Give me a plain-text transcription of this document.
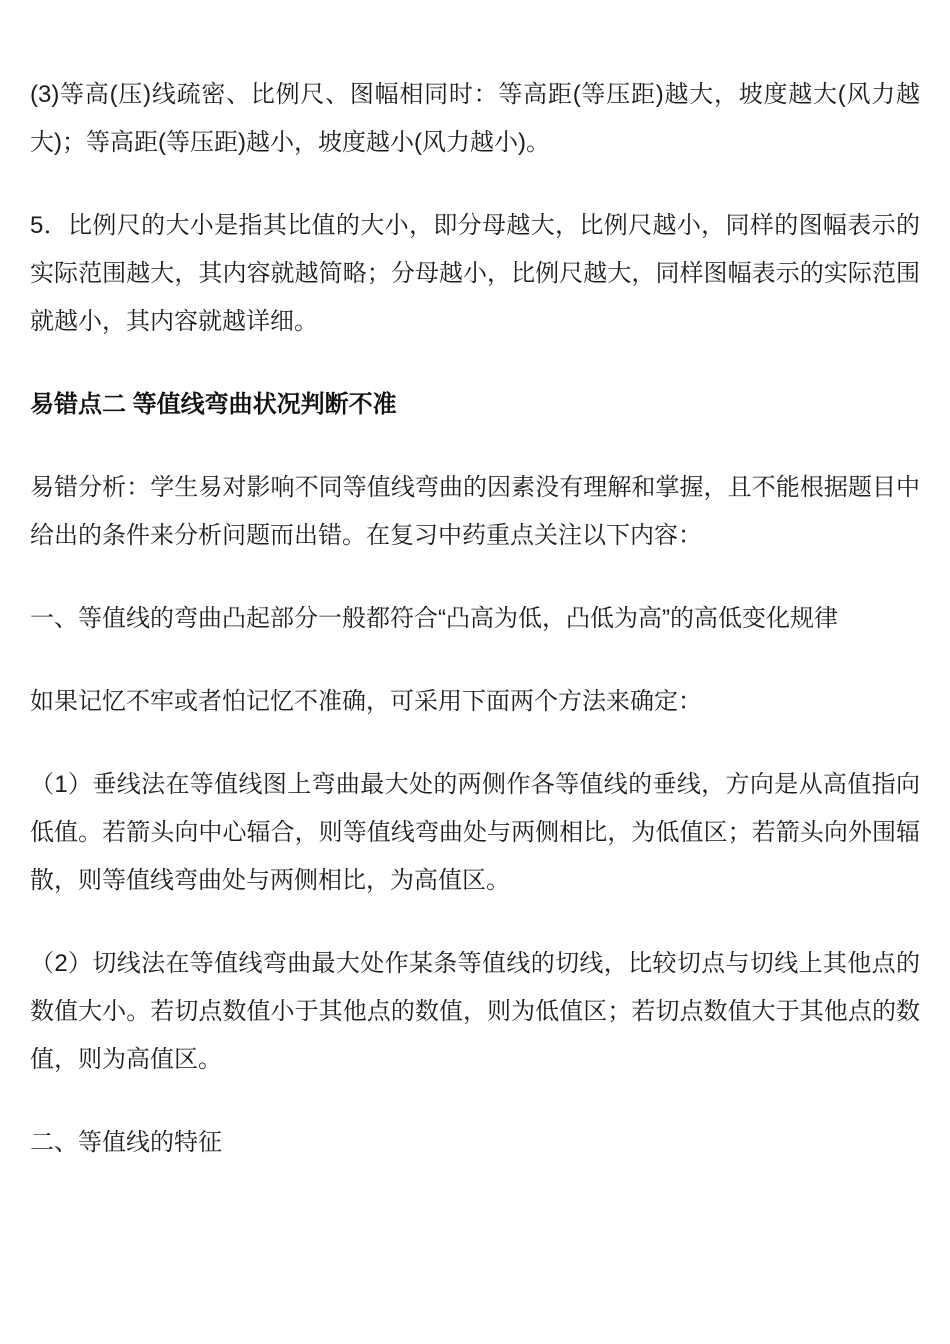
(3)等高(压)线疏密、比例尺、图幅相同时：等高距(等压距)越大，坡度越大(风力越大)；等高距(等压距)越小，坡度越小(风力越小)。

5．比例尺的大小是指其比值的大小，即分母越大，比例尺越小，同样的图幅表示的实际范围越大，其内容就越简略；分母越小，比例尺越大，同样图幅表示的实际范围就越小，其内容就越详细。

易错点二 等值线弯曲状况判断不准

易错分析：学生易对影响不同等值线弯曲的因素没有理解和掌握，且不能根据题目中给出的条件来分析问题而出错。在复习中药重点关注以下内容：

一、等值线的弯曲凸起部分一般都符合“凸高为低，凸低为高”的高低变化规律

如果记忆不牢或者怕记忆不准确，可采用下面两个方法来确定：

（1）垂线法在等值线图上弯曲最大处的两侧作各等值线的垂线，方向是从高值指向低值。若箭头向中心辐合，则等值线弯曲处与两侧相比，为低值区；若箭头向外围辐散，则等值线弯曲处与两侧相比，为高值区。

（2）切线法在等值线弯曲最大处作某条等值线的切线，比较切点与切线上其他点的数值大小。若切点数值小于其他点的数值，则为低值区；若切点数值大于其他点的数值，则为高值区。

二、等值线的特征
